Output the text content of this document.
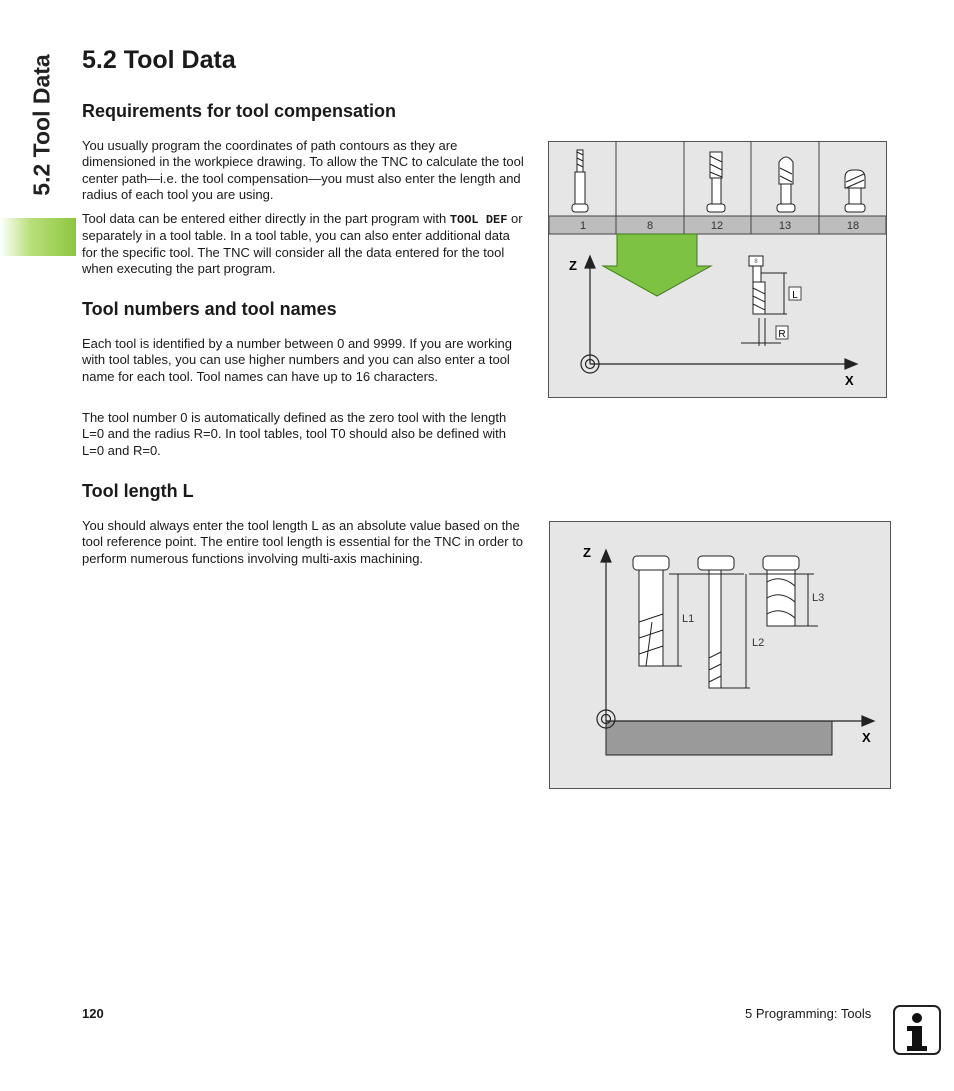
5.2 Tool Data 5.2 Tool Data
Requirements for tool compensation

You usually program the coordinates of path contours as they are dimensioned in the workpiece drawing. To allow the TNC to calculate the tool center path—i.e. the tool compensation—you must also enter the length and radius of each tool you are using.

Tool data can be entered either directly in the part program with TOOL DEF or separately in a tool table. In a tool table, you can also enter additional data for the specific tool. The TNC will consider all the data entered for the tool when executing the part program.

Tool numbers and tool names

Each tool is identified by a number between 0 and 9999. If you are working with tool tables, you can use higher numbers and you can also enter a tool name for each tool. Tool names can have up to 16 characters.

The tool number 0 is automatically defined as the zero tool with the length L=0 and the radius R=0. In tool tables, tool T0 should also be defined with L=0 and R=0.

Tool length L

You should always enter the tool length L as an absolute value based on the tool reference point. The entire tool length is essential for the TNC in order to perform numerous functions involving multi-axis machining.

1	8	12	13	18
Z
X
8
L
R
Z
X
L1
L2
L3
120	5 Programming: Tools
